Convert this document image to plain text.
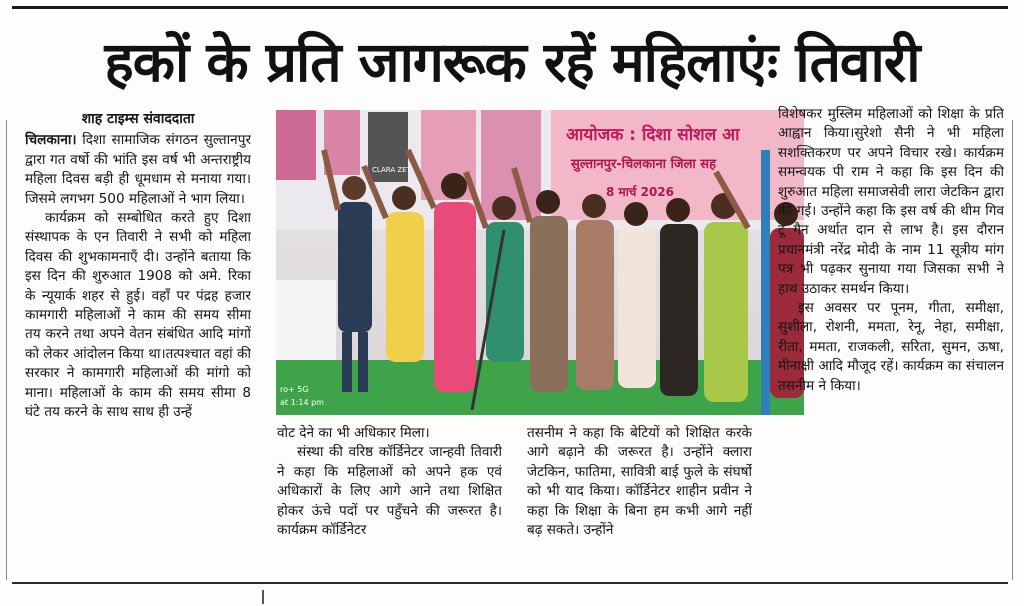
हकों के प्रति जागरूक रहें महिलाएंः तिवारी
शाह टाइम्स संवाददाता

चिलकाना। दिशा सामाजिक संगठन सुल्तानपुर द्वारा गत वर्षो की भांति इस वर्ष भी अन्तराष्ट्रीय महिला दिवस बड़ी ही धूमधाम से मनाया गया। जिसमे लगभग 500 महिलाओं ने भाग लिया।

कार्यक्रम को सम्बोधित करते हुए दिशा संस्थापक के एन तिवारी ने सभी को महिला दिवस की शुभकामनाएँ दी। उन्होंने बताया कि इस दिन की शुरुआत 1908 को अमे. रिका के न्यूयार्क शहर से हुई। वहाँ पर पंद्रह हजार कामगारी महिलाओं ने काम की समय सीमा तय करने तथा अपने वेतन संबंधित आदि मांगों को लेकर आंदोलन किया था।तत्पश्चात वहां की सरकार ने कामगारी महिलाओं की मांगो को माना। महिलाओं के काम की समय सीमा 8 घंटे तय करने के साथ साथ ही उन्हें

CLARA ZET
आयोजक : दिशा सोशल आ
सुल्तानपुर-चिलकाना जिला सह
8 मार्च 2026
ro+ 5G
at 1:14 pm

वोट देने का भी अधिकार मिला।

संस्था की वरिष्ठ कॉर्डिनेटर जान्हवी तिवारी ने कहा कि महिलाओं को अपने हक एवं अधिकारों के लिए आगे आने तथा शिक्षित होकर ऊंचे पदों पर पहुँचने की जरूरत है। कार्यक्रम कॉर्डिनेटर

तसनीम ने कहा कि बेटियों को शिक्षित करके आगे बढ़ाने की जरूरत है। उन्होंने क्लारा जेटकिन, फातिमा, सावित्री बाई फुले के संघर्षो को भी याद किया। कॉर्डिनेटर शाहीन प्रवीन ने कहा कि शिक्षा के बिना हम कभी आगे नहीं बढ़ सकते। उन्होंने

विशेषकर मुस्लिम महिलाओं को शिक्षा के प्रति आह्वान किया।सुरेशो सैनी ने भी महिला सशक्तिकरण पर अपने विचार रखे। कार्यक्रम समन्वयक पी राम ने कहा कि इस दिन की शुरुआत महिला समाजसेवी लारा जेटकिन द्वारा की गई। उन्होंने कहा कि इस वर्ष की थीम गिव टू गैन अर्थात दान से लाभ है। इस दौरान प्रधानमंत्री नरेंद्र मोदी के नाम 11 सूत्रीय मांग पत्र भी पढ़कर सुनाया गया जिसका सभी ने हाथ उठाकर समर्थन किया।

इस अवसर पर पूनम, गीता, समीक्षा, सुशीला, रोशनी, ममता, रेनू, नेहा, समीक्षा, रीता, ममता, राजकली, सरिता, सुमन, ऊषा, मीनाक्षी आदि मौजूद रहें। कार्यक्रम का संचालन तसनीम ने किया।
